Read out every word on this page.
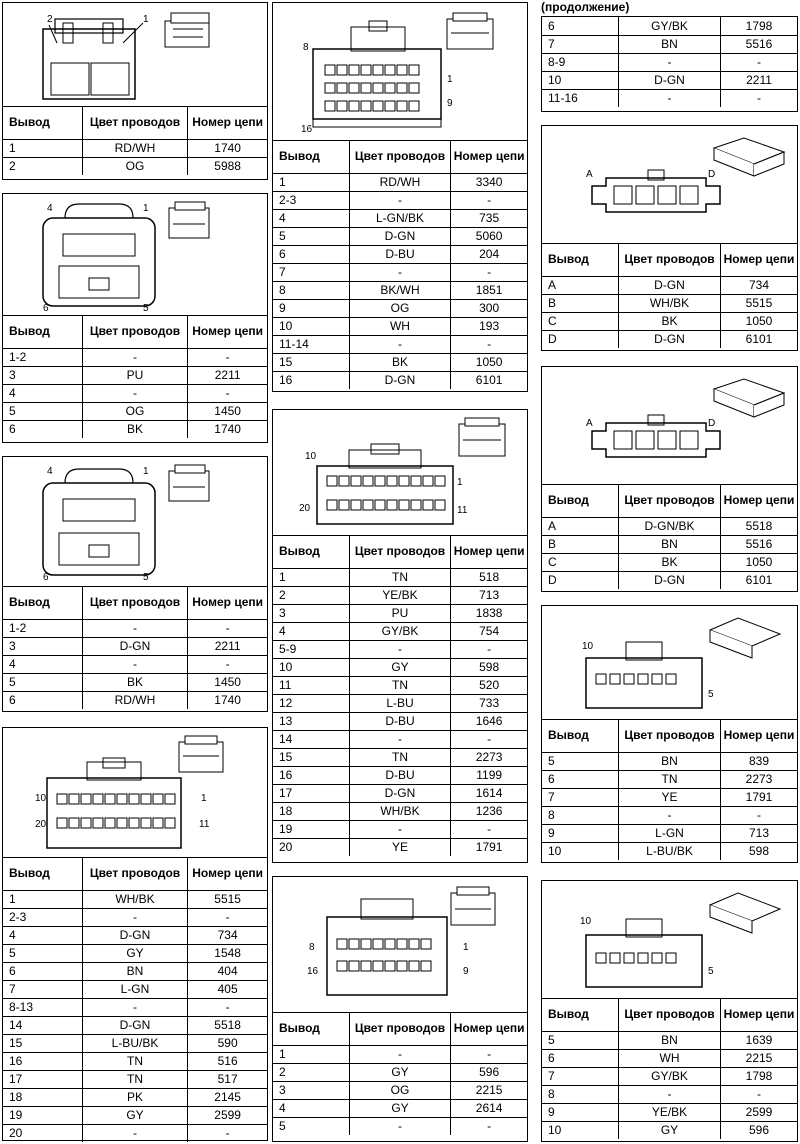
2	1
Вывод	Цвет проводов	Номер цепи
1	RD/WH	1740
2	OG	5988
4	1
6	5
Вывод	Цвет проводов	Номер цепи
1-2	-	-
3	PU	2211
4	-	-
5	OG	1450
6	BK	1740
4	1
6	5
Вывод	Цвет проводов	Номер цепи
1-2	-	-
3	D-GN	2211
4	-	-
5	BK	1450
6	RD/WH	1740
10	1
20	11
Вывод	Цвет проводов	Номер цепи
1	WH/BK	5515
2-3	-	-
4	D-GN	734
5	GY	1548
6	BN	404
7	L-GN	405
8-13	-	-
14	D-GN	5518
15	L-BU/BK	590
16	TN	516
17	TN	517
18	PK	2145
19	GY	2599
20	-	-
8
1
9
16
Вывод	Цвет проводов	Номер цепи
1	RD/WH	3340
2-3	-	-
4	L-GN/BK	735
5	D-GN	5060
6	D-BU	204
7	-	-
8	BK/WH	1851
9	OG	300
10	WH	193
11-14	-	-
15	BK	1050
16	D-GN	6101
10
1
20	11
Вывод	Цвет проводов	Номер цепи
1	TN	518
2	YE/BK	713
3	PU	1838
4	GY/BK	754
5-9	-	-
10	GY	598
11	TN	520
12	L-BU	733
13	D-BU	1646
14	-	-
15	TN	2273
16	D-BU	1199
17	D-GN	1614
18	WH/BK	1236
19	-	-
20	YE	1791
8	1
16	9
Вывод	Цвет проводов	Номер цепи
1	-	-
2	GY	596
3	OG	2215
4	GY	2614
5	-	-
(продолжение)
6	GY/BK	1798
7	BN	5516
8-9	-	-
10	D-GN	2211
11-16	-	-
A	D
Вывод	Цвет проводов	Номер цепи
A	D-GN	734
B	WH/BK	5515
C	BK	1050
D	D-GN	6101
A	D
Вывод	Цвет проводов	Номер цепи
A	D-GN/BK	5518
B	BN	5516
C	BK	1050
D	D-GN	6101
10
5
Вывод	Цвет проводов	Номер цепи
5	BN	839
6	TN	2273
7	YE	1791
8	-	-
9	L-GN	713
10	L-BU/BK	598
10
5
Вывод	Цвет проводов	Номер цепи
5	BN	1639
6	WH	2215
7	GY/BK	1798
8	-	-
9	YE/BK	2599
10	GY	596
